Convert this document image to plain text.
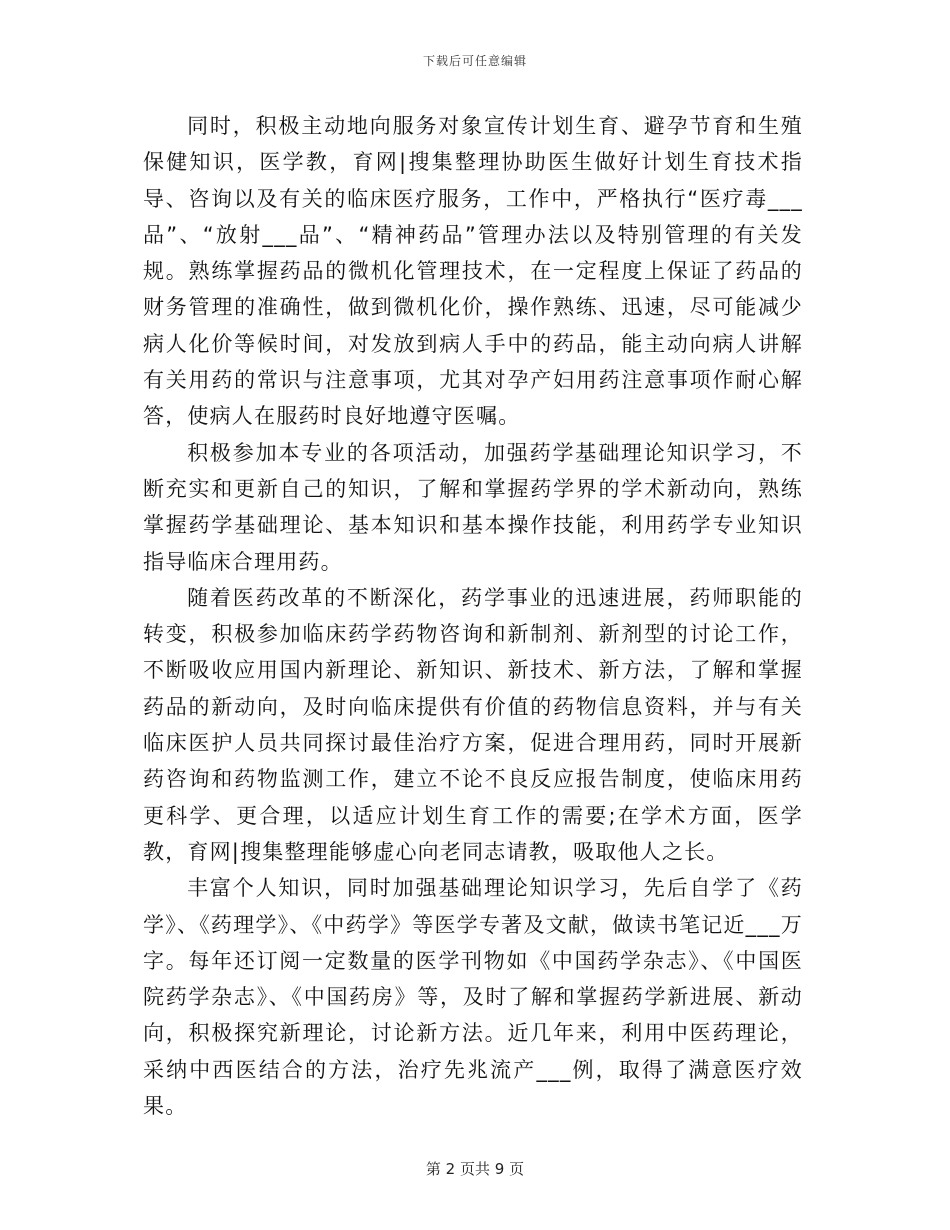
下载后可任意编辑

同时，积极主动地向服务对象宣传计划生育、避孕节育和生殖保健知识，医学教，育网|搜集整理协助医生做好计划生育技术指导、咨询以及有关的临床医疗服务，工作中，严格执行“医疗毒___品”、“放射___品”、“精神药品”管理办法以及特别管理的有关发规。熟练掌握药品的微机化管理技术，在一定程度上保证了药品的财务管理的准确性，做到微机化价，操作熟练、迅速，尽可能减少病人化价等候时间，对发放到病人手中的药品，能主动向病人讲解有关用药的常识与注意事项，尤其对孕产妇用药注意事项作耐心解答，使病人在服药时良好地遵守医嘱。

积极参加本专业的各项活动，加强药学基础理论知识学习，不断充实和更新自己的知识，了解和掌握药学界的学术新动向，熟练掌握药学基础理论、基本知识和基本操作技能，利用药学专业知识指导临床合理用药。

随着医药改革的不断深化，药学事业的迅速进展，药师职能的转变，积极参加临床药学药物咨询和新制剂、新剂型的讨论工作，不断吸收应用国内新理论、新知识、新技术、新方法，了解和掌握药品的新动向，及时向临床提供有价值的药物信息资料，并与有关临床医护人员共同探讨最佳治疗方案，促进合理用药，同时开展新药咨询和药物监测工作，建立不论不良反应报告制度，使临床用药更科学、更合理，以适应计划生育工作的需要;在学术方面，医学教，育网|搜集整理能够虚心向老同志请教，吸取他人之长。

丰富个人知识，同时加强基础理论知识学习，先后自学了《药学》、《药理学》、《中药学》等医学专著及文献，做读书笔记近___万字。每年还订阅一定数量的医学刊物如《中国药学杂志》、《中国医院药学杂志》、《中国药房》等，及时了解和掌握药学新进展、新动向，积极探究新理论，讨论新方法。近几年来，利用中医药理论，采纳中西医结合的方法，治疗先兆流产___例，取得了满意医疗效果。

第 2 页共 9 页
